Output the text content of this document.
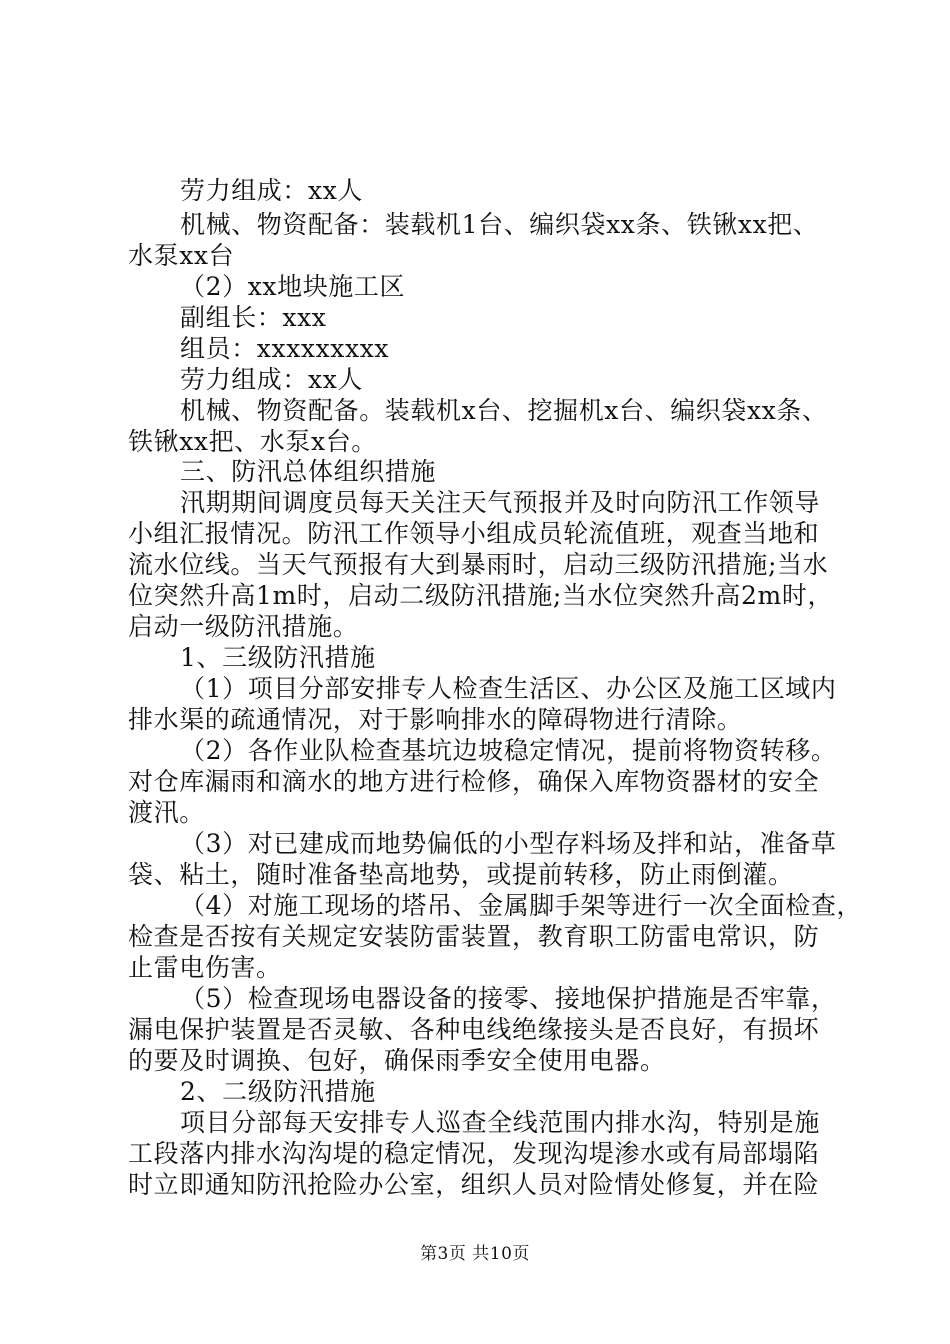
劳力组成：xx人
机械、物资配备：装载机1台、编织袋xx条、铁锹xx把、
水泵xx台
（2）xx地块施工区
副组长：xxx
组员：xxxxxxxxx
劳力组成：xx人
机械、物资配备。装载机x台、挖掘机x台、编织袋xx条、
铁锹xx把、水泵x台。
三、防汛总体组织措施
汛期期间调度员每天关注天气预报并及时向防汛工作领导
小组汇报情况。防汛工作领导小组成员轮流值班，观查当地和
流水位线。当天气预报有大到暴雨时，启动三级防汛措施;当水
位突然升高1m时，启动二级防汛措施;当水位突然升高2m时，
启动一级防汛措施。
1、三级防汛措施
（1）项目分部安排专人检查生活区、办公区及施工区域内
排水渠的疏通情况，对于影响排水的障碍物进行清除。
（2）各作业队检查基坑边坡稳定情况，提前将物资转移。
对仓库漏雨和滴水的地方进行检修，确保入库物资器材的安全
渡汛。
（3）对已建成而地势偏低的小型存料场及拌和站，准备草
袋、粘土，随时准备垫高地势，或提前转移，防止雨倒灌。
（4）对施工现场的塔吊、金属脚手架等进行一次全面检查，
检查是否按有关规定安装防雷装置，教育职工防雷电常识，防
止雷电伤害。
（5）检查现场电器设备的接零、接地保护措施是否牢靠，
漏电保护装置是否灵敏、各种电线绝缘接头是否良好，有损坏
的要及时调换、包好，确保雨季安全使用电器。
2、二级防汛措施
项目分部每天安排专人巡查全线范围内排水沟，特别是施
工段落内排水沟沟堤的稳定情况，发现沟堤渗水或有局部塌陷
时立即通知防汛抢险办公室，组织人员对险情处修复，并在险
第3页 共10页
